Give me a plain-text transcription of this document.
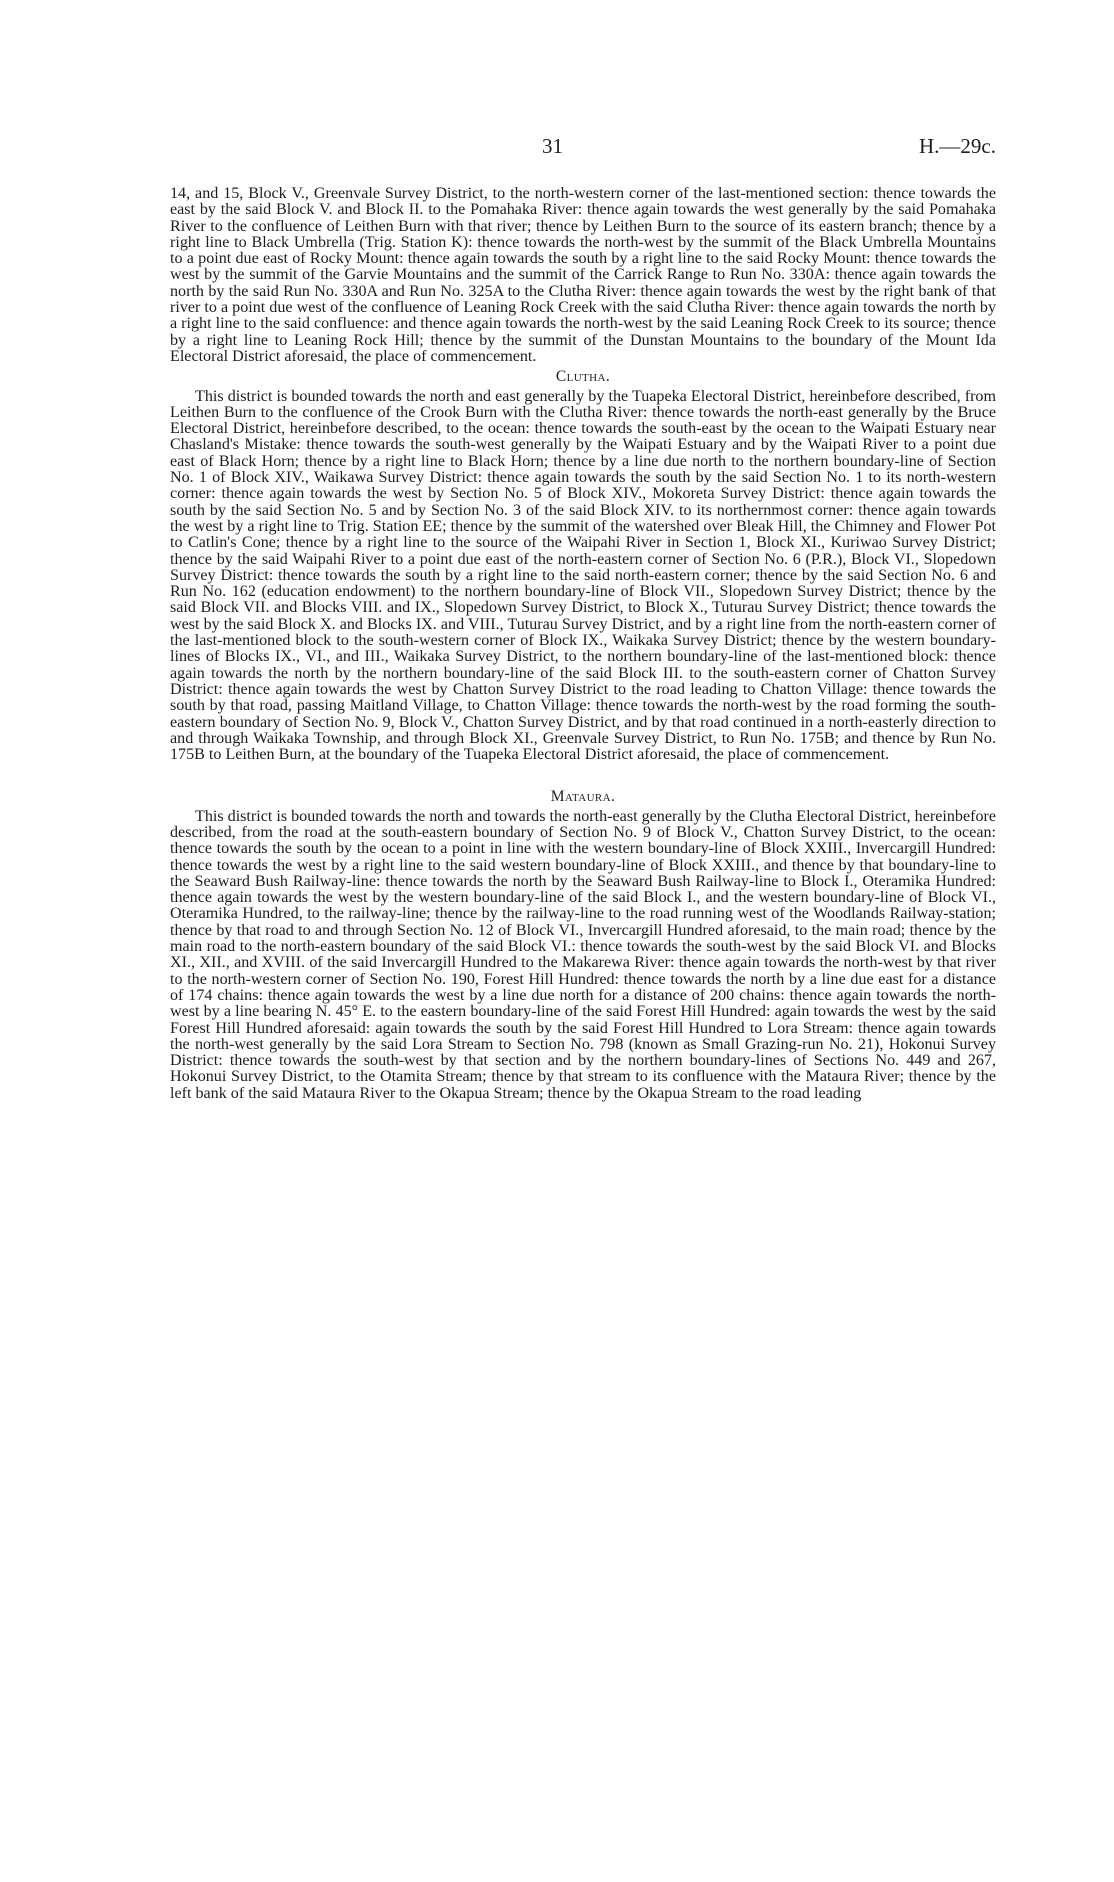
31	H.—29c.

14, and 15, Block V., Greenvale Survey District, to the north-western corner of the last-mentioned section: thence towards the east by the said Block V. and Block II. to the Pomahaka River: thence again towards the west generally by the said Pomahaka River to the confluence of Leithen Burn with that river; thence by Leithen Burn to the source of its eastern branch; thence by a right line to Black Umbrella (Trig. Station K): thence towards the north-west by the summit of the Black Umbrella Mountains to a point due east of Rocky Mount: thence again towards the south by a right line to the said Rocky Mount: thence towards the west by the summit of the Garvie Mountains and the summit of the Carrick Range to Run No. 330A: thence again towards the north by the said Run No. 330A and Run No. 325A to the Clutha River: thence again towards the west by the right bank of that river to a point due west of the confluence of Leaning Rock Creek with the said Clutha River: thence again towards the north by a right line to the said confluence: and thence again towards the north-west by the said Leaning Rock Creek to its source; thence by a right line to Leaning Rock Hill; thence by the summit of the Dunstan Mountains to the boundary of the Mount Ida Electoral District aforesaid, the place of commencement.

Clutha.

This district is bounded towards the north and east generally by the Tuapeka Electoral District, hereinbefore described, from Leithen Burn to the confluence of the Crook Burn with the Clutha River: thence towards the north-east generally by the Bruce Electoral District, hereinbefore described, to the ocean: thence towards the south-east by the ocean to the Waipati Estuary near Chasland's Mistake: thence towards the south-west generally by the Waipati Estuary and by the Waipati River to a point due east of Black Horn; thence by a right line to Black Horn; thence by a line due north to the northern boundary-line of Section No. 1 of Block XIV., Waikawa Survey District: thence again towards the south by the said Section No. 1 to its north-western corner: thence again towards the west by Section No. 5 of Block XIV., Mokoreta Survey District: thence again towards the south by the said Section No. 5 and by Section No. 3 of the said Block XIV. to its northernmost corner: thence again towards the west by a right line to Trig. Station EE; thence by the summit of the watershed over Bleak Hill, the Chimney and Flower Pot to Catlin's Cone; thence by a right line to the source of the Waipahi River in Section 1, Block XI., Kuriwao Survey District; thence by the said Waipahi River to a point due east of the north-eastern corner of Section No. 6 (P.R.), Block VI., Slopedown Survey District: thence towards the south by a right line to the said north-eastern corner; thence by the said Section No. 6 and Run No. 162 (education endowment) to the northern boundary-line of Block VII., Slopedown Survey District; thence by the said Block VII. and Blocks VIII. and IX., Slopedown Survey District, to Block X., Tuturau Survey District; thence towards the west by the said Block X. and Blocks IX. and VIII., Tuturau Survey District, and by a right line from the north-eastern corner of the last-mentioned block to the south-western corner of Block IX., Waikaka Survey District; thence by the western boundary-lines of Blocks IX., VI., and III., Waikaka Survey District, to the northern boundary-line of the last-mentioned block: thence again towards the north by the northern boundary-line of the said Block III. to the south-eastern corner of Chatton Survey District: thence again towards the west by Chatton Survey District to the road leading to Chatton Village: thence towards the south by that road, passing Maitland Village, to Chatton Village: thence towards the north-west by the road forming the south-eastern boundary of Section No. 9, Block V., Chatton Survey District, and by that road continued in a north-easterly direction to and through Waikaka Township, and through Block XI., Greenvale Survey District, to Run No. 175B; and thence by Run No. 175B to Leithen Burn, at the boundary of the Tuapeka Electoral District aforesaid, the place of commencement.

Mataura.

This district is bounded towards the north and towards the north-east generally by the Clutha Electoral District, hereinbefore described, from the road at the south-eastern boundary of Section No. 9 of Block V., Chatton Survey District, to the ocean: thence towards the south by the ocean to a point in line with the western boundary-line of Block XXIII., Invercargill Hundred: thence towards the west by a right line to the said western boundary-line of Block XXIII., and thence by that boundary-line to the Seaward Bush Railway-line: thence towards the north by the Seaward Bush Railway-line to Block I., Oteramika Hundred: thence again towards the west by the western boundary-line of the said Block I., and the western boundary-line of Block VI., Oteramika Hundred, to the railway-line; thence by the railway-line to the road running west of the Woodlands Railway-station; thence by that road to and through Section No. 12 of Block VI., Invercargill Hundred aforesaid, to the main road; thence by the main road to the north-eastern boundary of the said Block VI.: thence towards the south-west by the said Block VI. and Blocks XI., XII., and XVIII. of the said Invercargill Hundred to the Makarewa River: thence again towards the north-west by that river to the north-western corner of Section No. 190, Forest Hill Hundred: thence towards the north by a line due east for a distance of 174 chains: thence again towards the west by a line due north for a distance of 200 chains: thence again towards the north-west by a line bearing N. 45° E. to the eastern boundary-line of the said Forest Hill Hundred: again towards the west by the said Forest Hill Hundred aforesaid: again towards the south by the said Forest Hill Hundred to Lora Stream: thence again towards the north-west generally by the said Lora Stream to Section No. 798 (known as Small Grazing-run No. 21), Hokonui Survey District: thence towards the south-west by that section and by the northern boundary-lines of Sections No. 449 and 267, Hokonui Survey District, to the Otamita Stream; thence by that stream to its confluence with the Mataura River; thence by the left bank of the said Mataura River to the Okapua Stream; thence by the Okapua Stream to the road leading
